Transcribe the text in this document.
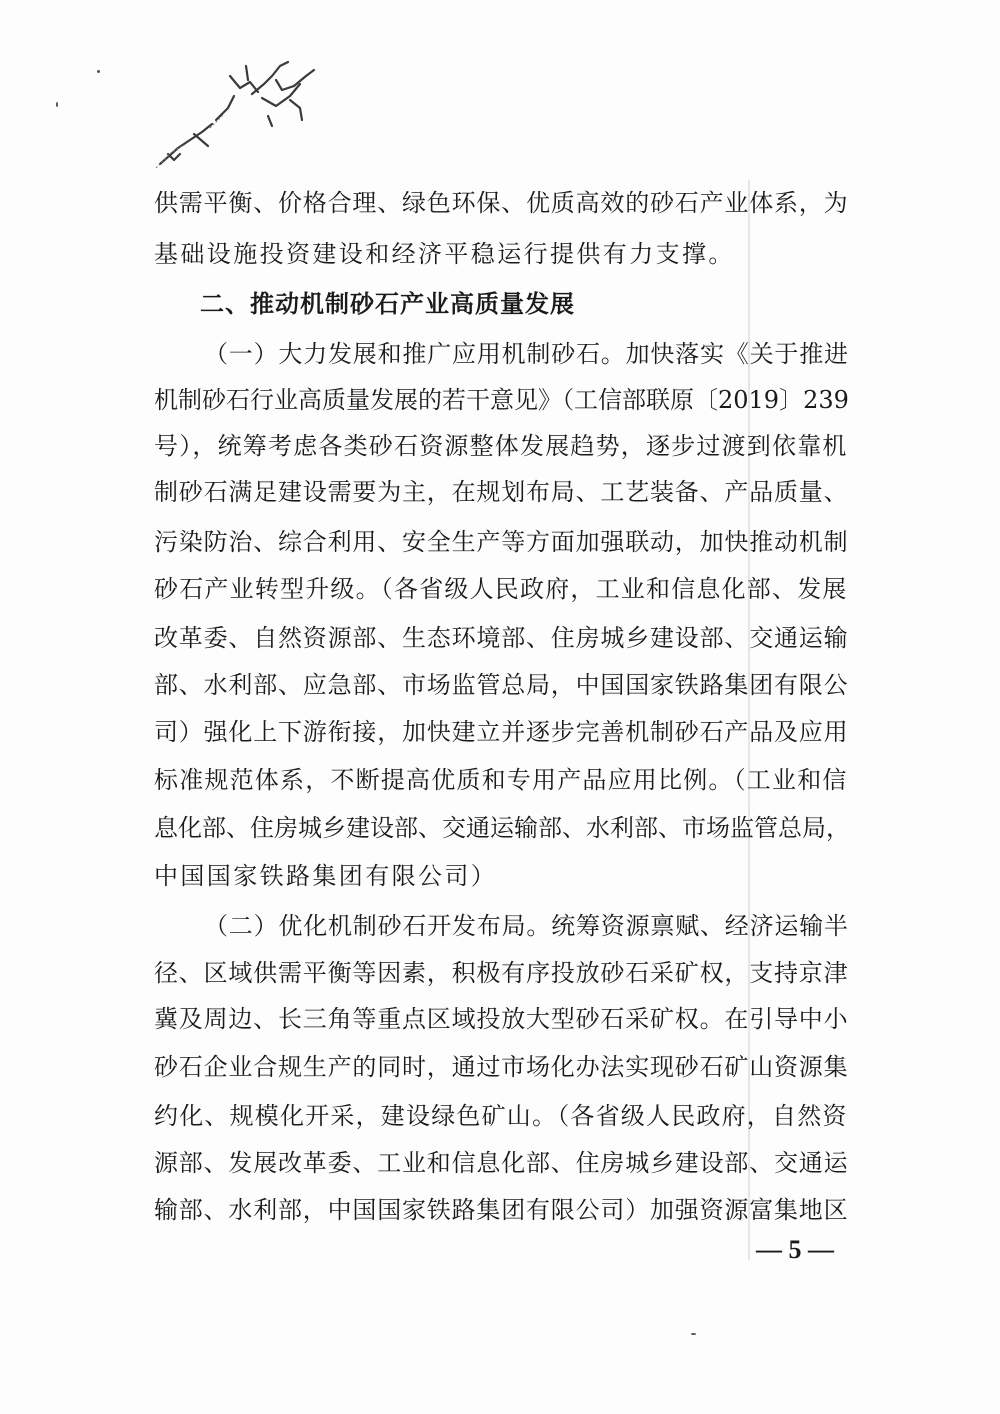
供需平衡、价格合理、绿色环保、优质高效的砂石产业体系，为
基础设施投资建设和经济平稳运行提供有力支撑。
二、推动机制砂石产业高质量发展
（一）大力发展和推广应用机制砂石。加快落实《关于推进
机制砂石行业高质量发展的若干意见》（工信部联原〔2019〕239
号），统筹考虑各类砂石资源整体发展趋势，逐步过渡到依靠机
制砂石满足建设需要为主，在规划布局、工艺装备、产品质量、
污染防治、综合利用、安全生产等方面加强联动，加快推动机制
砂石产业转型升级。（各省级人民政府，工业和信息化部、发展
改革委、自然资源部、生态环境部、住房城乡建设部、交通运输
部、水利部、应急部、市场监管总局，中国国家铁路集团有限公
司）强化上下游衔接，加快建立并逐步完善机制砂石产品及应用
标准规范体系，不断提高优质和专用产品应用比例。（工业和信
息化部、住房城乡建设部、交通运输部、水利部、市场监管总局，
中国国家铁路集团有限公司）
（二）优化机制砂石开发布局。统筹资源禀赋、经济运输半
径、区域供需平衡等因素，积极有序投放砂石采矿权，支持京津
冀及周边、长三角等重点区域投放大型砂石采矿权。在引导中小
砂石企业合规生产的同时，通过市场化办法实现砂石矿山资源集
约化、规模化开采，建设绿色矿山。（各省级人民政府，自然资
源部、发展改革委、工业和信息化部、住房城乡建设部、交通运
输部、水利部，中国国家铁路集团有限公司）加强资源富集地区
— 5 —
